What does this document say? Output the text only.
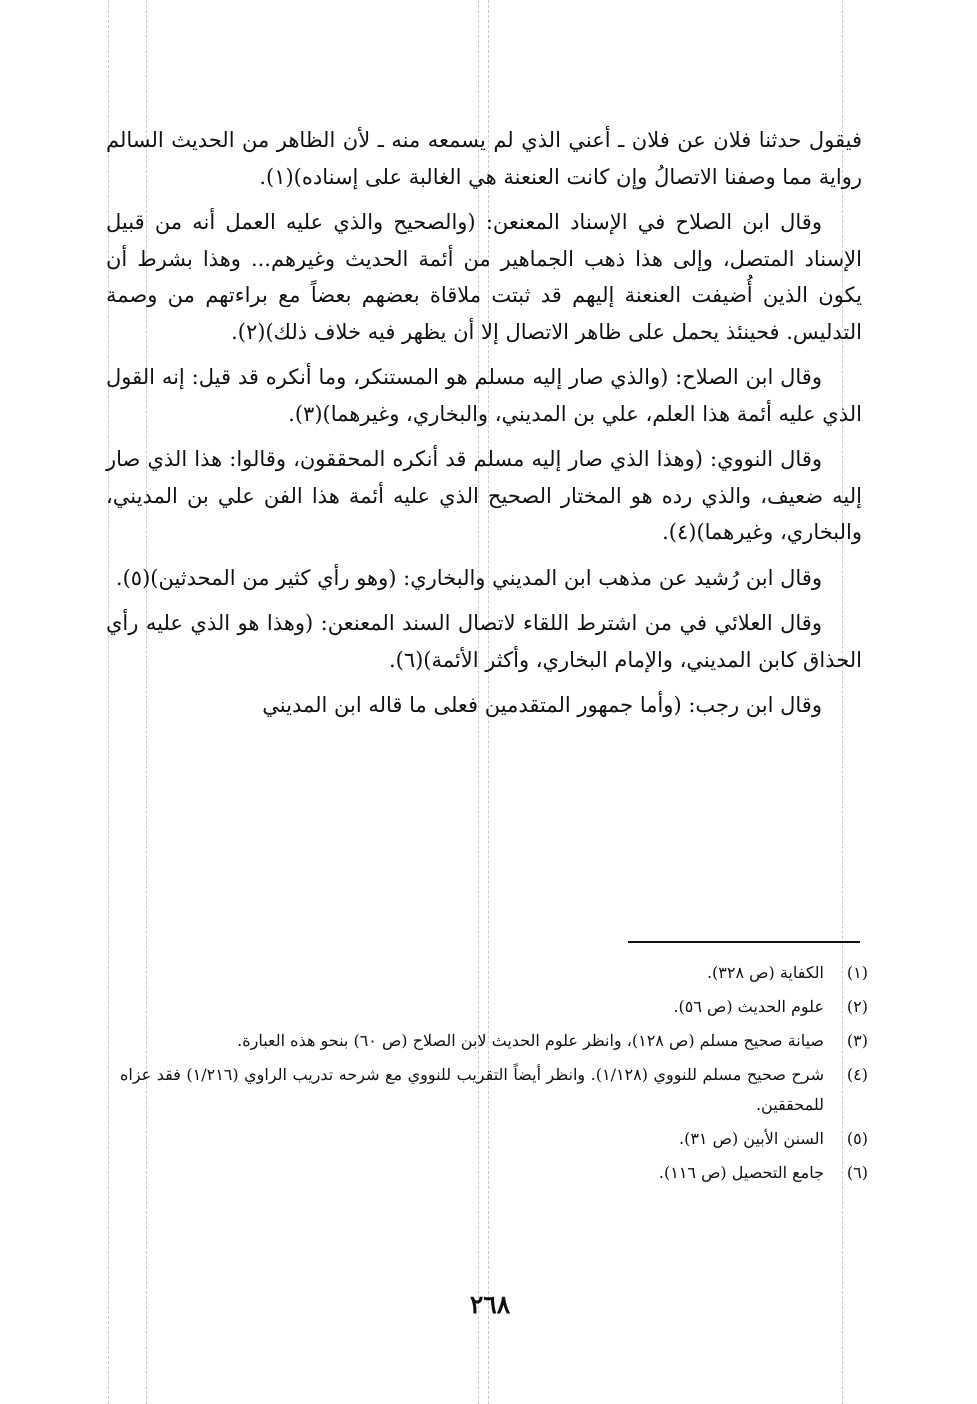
فيقول حدثنا فلان عن فلان ـ أعني الذي لم يسمعه منه ـ لأن الظاهر من الحديث السالم رواية مما وصفنا الاتصالُ وإن كانت العنعنة هي الغالبة على إسناده)(١).

وقال ابن الصلاح في الإسناد المعنعن: (والصحيح والذي عليه العمل أنه من قبيل الإسناد المتصل، وإلى هذا ذهب الجماهير من أئمة الحديث وغيرهم... وهذا بشرط أن يكون الذين أُضيفت العنعنة إليهم قد ثبتت ملاقاة بعضهم بعضاً مع براءتهم من وصمة التدليس. فحينئذ يحمل على ظاهر الاتصال إلا أن يظهر فيه خلاف ذلك)(٢).

وقال ابن الصلاح: (والذي صار إليه مسلم هو المستنكر، وما أنكره قد قيل: إنه القول الذي عليه أئمة هذا العلم، علي بن المديني، والبخاري، وغيرهما)(٣).

وقال النووي: (وهذا الذي صار إليه مسلم قد أنكره المحققون، وقالوا: هذا الذي صار إليه ضعيف، والذي رده هو المختار الصحيح الذي عليه أئمة هذا الفن علي بن المديني، والبخاري، وغيرهما)(٤).

وقال ابن رُشيد عن مذهب ابن المديني والبخاري: (وهو رأي كثير من المحدثين)(٥).

وقال العلائي في من اشترط اللقاء لاتصال السند المعنعن: (وهذا هو الذي عليه رأي الحذاق كابن المديني، والإمام البخاري، وأكثر الأئمة)(٦).

وقال ابن رجب: (وأما جمهور المتقدمين فعلى ما قاله ابن المديني

(١)
الكفاية (ص ٣٢٨).
(٢)
علوم الحديث (ص ٥٦).
(٣)
صيانة صحيح مسلم (ص ١٢٨)، وانظر علوم الحديث لابن الصلاح (ص ٦٠) بنحو هذه العبارة.
(٤)
شرح صحيح مسلم للنووي (١/١٢٨). وانظر أيضاً التقريب للنووي مع شرحه تدريب الراوي (١/٢١٦) فقد عزاه للمحققين.
(٥)
السنن الأبين (ص ٣١).
(٦)
جامع التحصيل (ص ١١٦).
٢٦٨
